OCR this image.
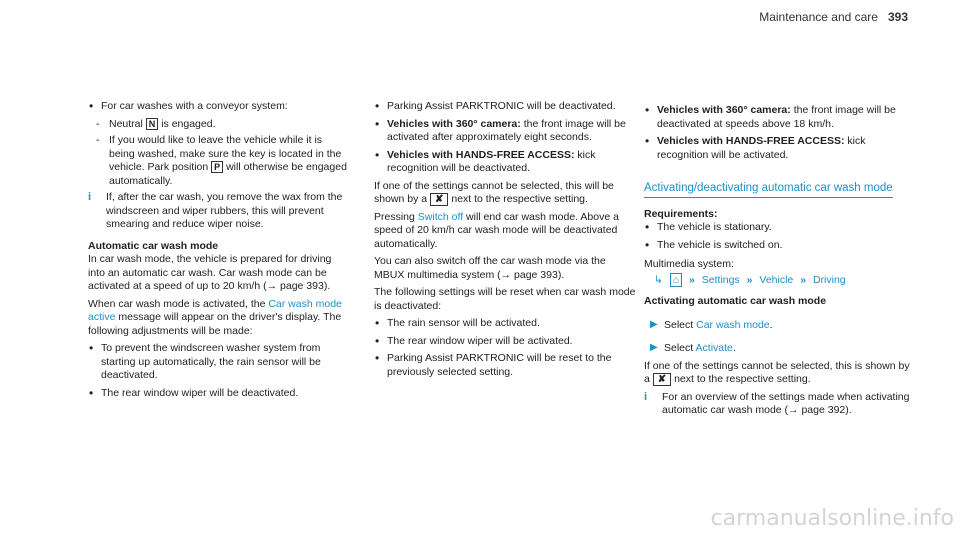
Maintenance and care 393
• For car washes with a conveyor system:
- Neutral N is engaged.
- If you would like to leave the vehicle while it is being washed, make sure the key is located in the vehicle. Park position P will otherwise be engaged automatically.
i If, after the car wash, you remove the wax from the windscreen and wiper rubbers, this will prevent smearing and reduce wiper noise.

Automatic car wash mode

In car wash mode, the vehicle is prepared for driving into an automatic car wash. Car wash mode can be activated at a speed of up to 20 km/h (→ page 393).

When car wash mode is activated, the Car wash mode active message will appear on the driver's display. The following adjustments will be made:

• To prevent the windscreen washer system from starting up automatically, the rain sensor will be deactivated.
• The rear window wiper will be deactivated.
• Parking Assist PARKTRONIC will be deactivated.
• Vehicles with 360° camera: the front image will be activated after approximately eight seconds.
• Vehicles with HANDS-FREE ACCESS: kick recognition will be deactivated.

If one of the settings cannot be selected, this will be shown by a ✘ next to the respective setting.

Pressing Switch off will end car wash mode. Above a speed of 20 km/h car wash mode will be deactivated automatically.

You can also switch off the car wash mode via the MBUX multimedia system (→ page 393).

The following settings will be reset when car wash mode is deactivated:

• The rain sensor will be activated.
• The rear window wiper will be activated.
• Parking Assist PARKTRONIC will be reset to the previously selected setting.
• Vehicles with 360° camera: the front image will be deactivated at speeds above 18 km/h.
• Vehicles with HANDS-FREE ACCESS: kick recognition will be activated.
Activating/deactivating automatic car wash mode

Requirements:

• The vehicle is stationary.
• The vehicle is switched on.

Multimedia system:

↳ ⌂ » Settings » Vehicle » Driving

Activating automatic car wash mode

▶ Select Car wash mode.
▶ Select Activate.

If one of the settings cannot be selected, this is shown by a ✘ next to the respective setting.

i For an overview of the settings made when activating automatic car wash mode (→ page 392).
carmanualsonline.info
